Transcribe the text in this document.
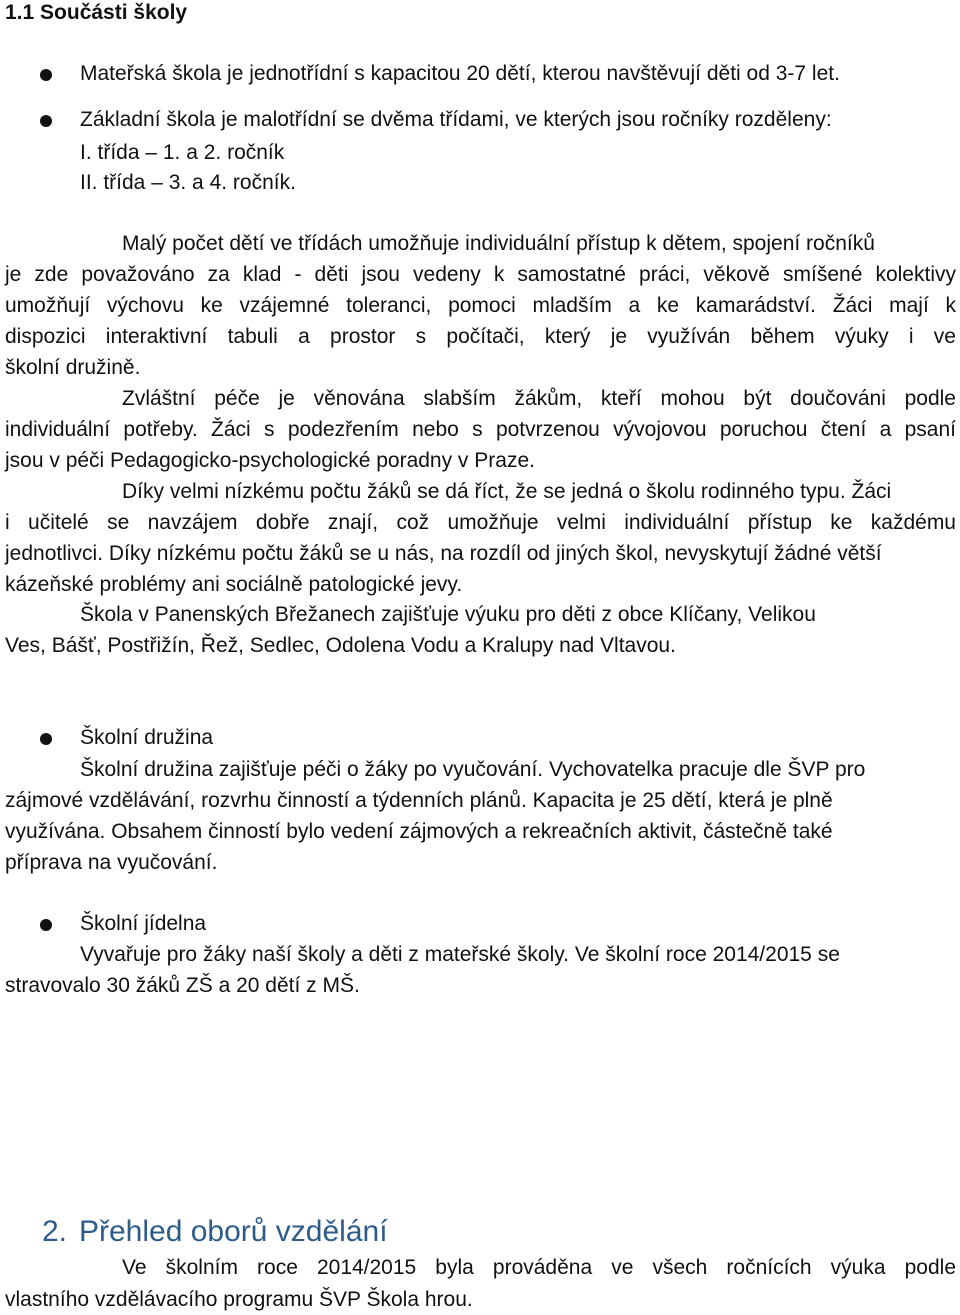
1.1 Součásti školy
Mateřská škola je jednotřídní s kapacitou 20 dětí, kterou navštěvují děti od 3-7 let.
Základní škola je malotřídní se dvěma třídami, ve kterých jsou ročníky rozděleny:
I. třída – 1. a 2. ročník
II. třída – 3. a 4. ročník.
Malý počet dětí ve třídách umožňuje individuální přístup k dětem, spojení ročníků
je zde považováno za klad - děti jsou vedeny k samostatné práci, věkově smíšené kolektivy
umožňují výchovu ke vzájemné toleranci, pomoci mladším a ke kamarádství. Žáci mají k
dispozici interaktivní tabuli a prostor s počítači, který je využíván během výuky i ve
školní družině.
Zvláštní péče je věnována slabším žákům, kteří mohou být doučováni podle
individuální potřeby. Žáci s podezřením nebo s potvrzenou vývojovou poruchou čtení a psaní
jsou v péči Pedagogicko-psychologické poradny v Praze.
Díky velmi nízkému počtu žáků se dá říct, že se jedná o školu rodinného typu. Žáci
i učitelé se navzájem dobře znají, což umožňuje velmi individuální přístup ke každému
jednotlivci. Díky nízkému počtu žáků se u nás, na rozdíl od jiných škol, nevyskytují žádné větší
kázeňské problémy ani sociálně patologické jevy.
Škola v Panenských Břežanech zajišťuje výuku pro děti z obce Klíčany, Velikou
Ves, Bášť, Postřižín, Řež, Sedlec, Odolena Vodu a Kralupy nad Vltavou.
Školní družina
Školní družina zajišťuje péči o žáky po vyučování. Vychovatelka pracuje dle ŠVP pro
zájmové vzdělávání, rozvrhu činností a týdenních plánů. Kapacita je 25 dětí, která je plně
využívána. Obsahem činností bylo vedení zájmových a rekreačních aktivit, částečně také
příprava na vyučování.
Školní jídelna
Vyvařuje pro žáky naší školy a děti z mateřské školy. Ve školní roce 2014/2015 se
stravovalo 30 žáků ZŠ a 20 dětí z MŠ.
2. Přehled oborů vzdělání
Ve školním roce 2014/2015 byla prováděna ve všech ročnících výuka podle
vlastního vzdělávacího programu ŠVP Škola hrou.
